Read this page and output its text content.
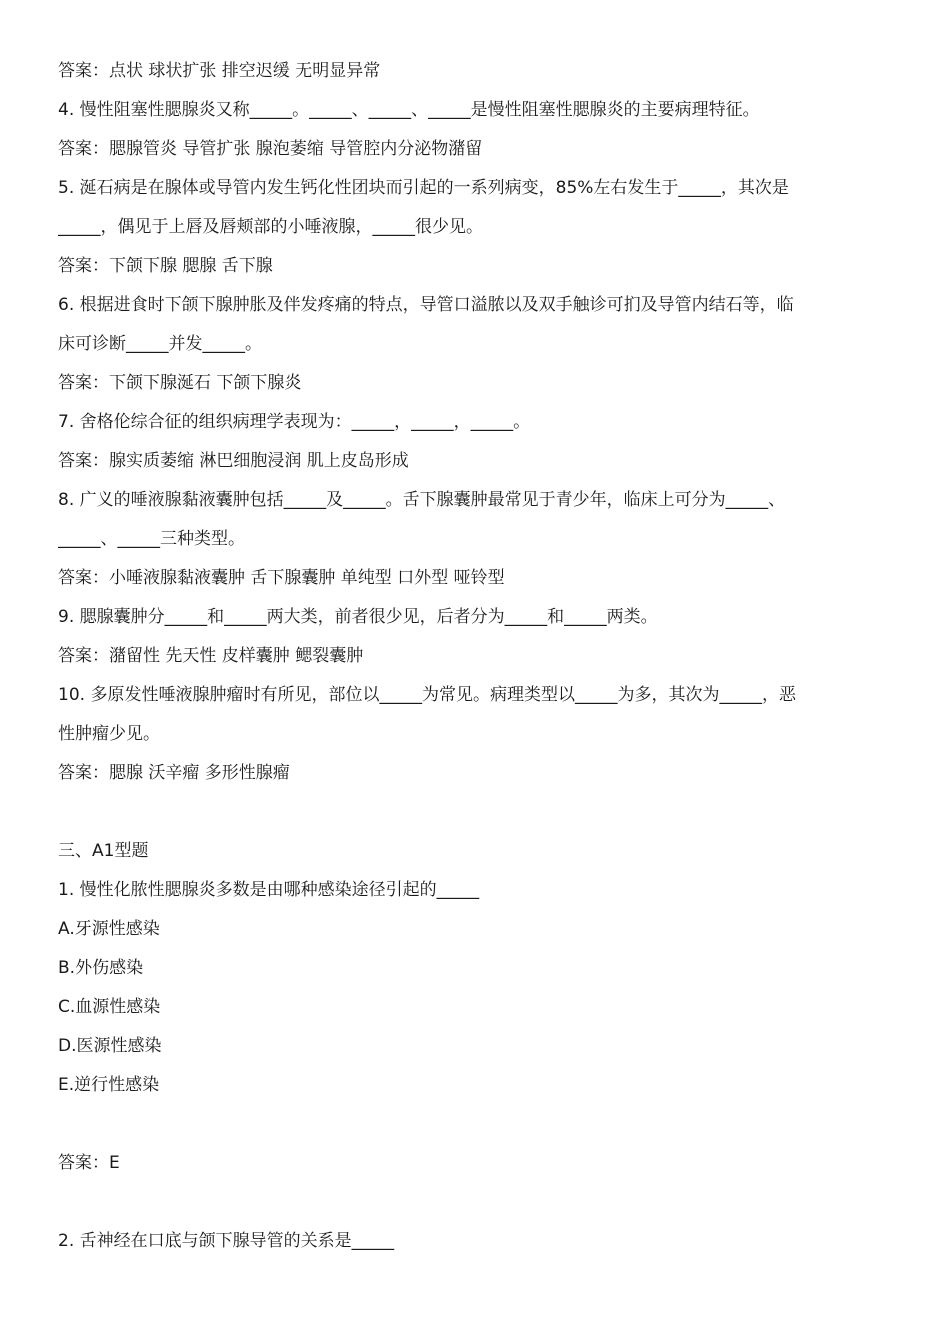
答案：点状 球状扩张 排空迟缓 无明显异常
4. 慢性阻塞性腮腺炎又称_____。_____、_____、_____是慢性阻塞性腮腺炎的主要病理特征。
答案：腮腺管炎 导管扩张 腺泡萎缩 导管腔内分泌物潴留
5. 涎石病是在腺体或导管内发生钙化性团块而引起的一系列病变，85%左右发生于_____，其次是
_____，偶见于上唇及唇颊部的小唾液腺，_____很少见。
答案：下颌下腺 腮腺 舌下腺
6. 根据进食时下颌下腺肿胀及伴发疼痛的特点，导管口溢脓以及双手触诊可扪及导管内结石等，临
床可诊断_____并发_____。
答案：下颌下腺涎石 下颌下腺炎
7. 舍格伦综合征的组织病理学表现为：_____，_____，_____。
答案：腺实质萎缩 淋巴细胞浸润 肌上皮岛形成
8. 广义的唾液腺黏液囊肿包括_____及_____。舌下腺囊肿最常见于青少年，临床上可分为_____、
_____、_____三种类型。
答案：小唾液腺黏液囊肿 舌下腺囊肿 单纯型 口外型 哑铃型
9. 腮腺囊肿分_____和_____两大类，前者很少见，后者分为_____和_____两类。
答案：潴留性 先天性 皮样囊肿 鳃裂囊肿
10. 多原发性唾液腺肿瘤时有所见，部位以_____为常见。病理类型以_____为多，其次为_____，恶
性肿瘤少见。
答案：腮腺 沃辛瘤 多形性腺瘤
三、A1型题
1. 慢性化脓性腮腺炎多数是由哪种感染途径引起的_____
A.牙源性感染
B.外伤感染
C.血源性感染
D.医源性感染
E.逆行性感染
答案：E
2. 舌神经在口底与颌下腺导管的关系是_____
